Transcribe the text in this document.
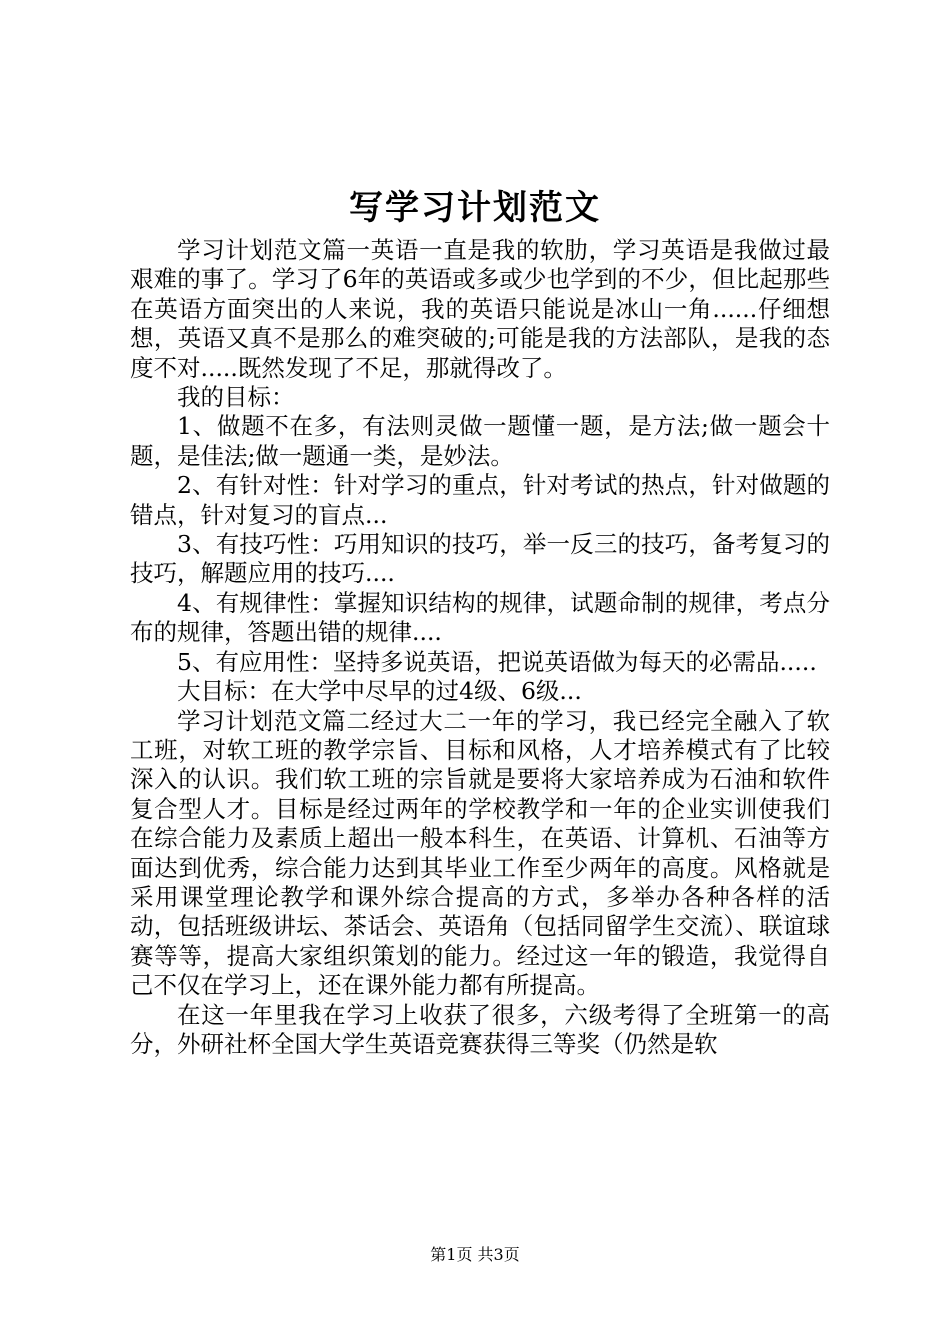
写学习计划范文

学习计划范文篇一英语一直是我的软肋，学习英语是我做过最艰难的事了。学习了6年的英语或多或少也学到的不少，但比起那些在英语方面突出的人来说，我的英语只能说是冰山一角......仔细想想，英语又真不是那么的难突破的;可能是我的方法部队，是我的态度不对.....既然发现了不足，那就得改了。

我的目标：

1、做题不在多，有法则灵做一题懂一题，是方法;做一题会十题，是佳法;做一题通一类，是妙法。

2、有针对性：针对学习的重点，针对考试的热点，针对做题的错点，针对复习的盲点...

3、有技巧性：巧用知识的技巧，举一反三的技巧，备考复习的技巧，解题应用的技巧....

4、有规律性：掌握知识结构的规律，试题命制的规律，考点分布的规律，答题出错的规律....

5、有应用性：坚持多说英语，把说英语做为每天的必需品.....

大目标：在大学中尽早的过4级、6级...

学习计划范文篇二经过大二一年的学习，我已经完全融入了软工班，对软工班的教学宗旨、目标和风格，人才培养模式有了比较深入的认识。我们软工班的宗旨就是要将大家培养成为石油和软件复合型人才。目标是经过两年的学校教学和一年的企业实训使我们在综合能力及素质上超出一般本科生，在英语、计算机、石油等方面达到优秀，综合能力达到其毕业工作至少两年的高度。风格就是采用课堂理论教学和课外综合提高的方式，多举办各种各样的活动，包括班级讲坛、茶话会、英语角（包括同留学生交流）、联谊球赛等等，提高大家组织策划的能力。经过这一年的锻造，我觉得自己不仅在学习上，还在课外能力都有所提高。

在这一年里我在学习上收获了很多，六级考得了全班第一的高分，外研社杯全国大学生英语竞赛获得三等奖（仍然是软

第1页 共3页
